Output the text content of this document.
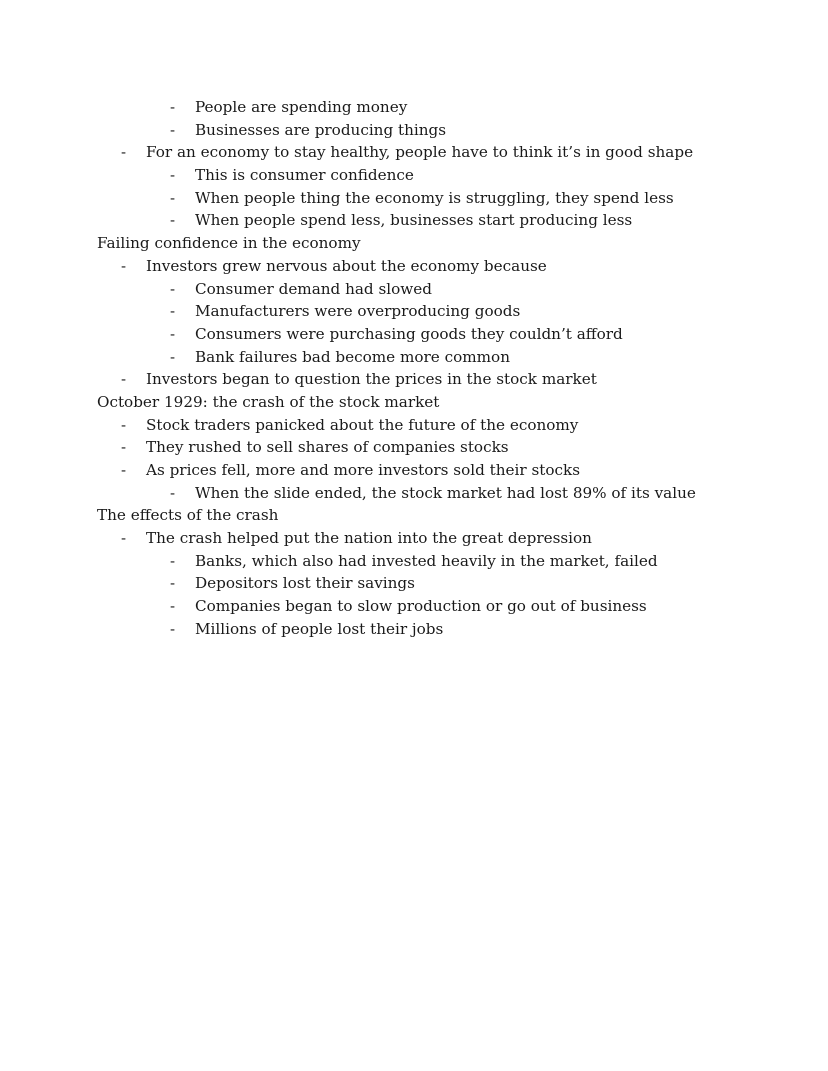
- People are spending money
- Businesses are producing things
- For an economy to stay healthy, people have to think it’s in good shape
- This is consumer confidence
- When people thing the economy is struggling, they spend less
- When people spend less, businesses start producing less
Failing confidence in the economy
- Investors grew nervous about the economy because
- Consumer demand had slowed
- Manufacturers were overproducing goods
- Consumers were purchasing goods they couldn’t afford
- Bank failures bad become more common
- Investors began to question the prices in the stock market
October 1929: the crash of the stock market
- Stock traders panicked about the future of the economy
- They rushed to sell shares of companies stocks
- As prices fell, more and more investors sold their stocks
- When the slide ended, the stock market had lost 89% of its value
The effects of the crash
- The crash helped put the nation into the great depression
- Banks, which also had invested heavily in the market, failed
- Depositors lost their savings
- Companies began to slow production or go out of business
- Millions of people lost their jobs
